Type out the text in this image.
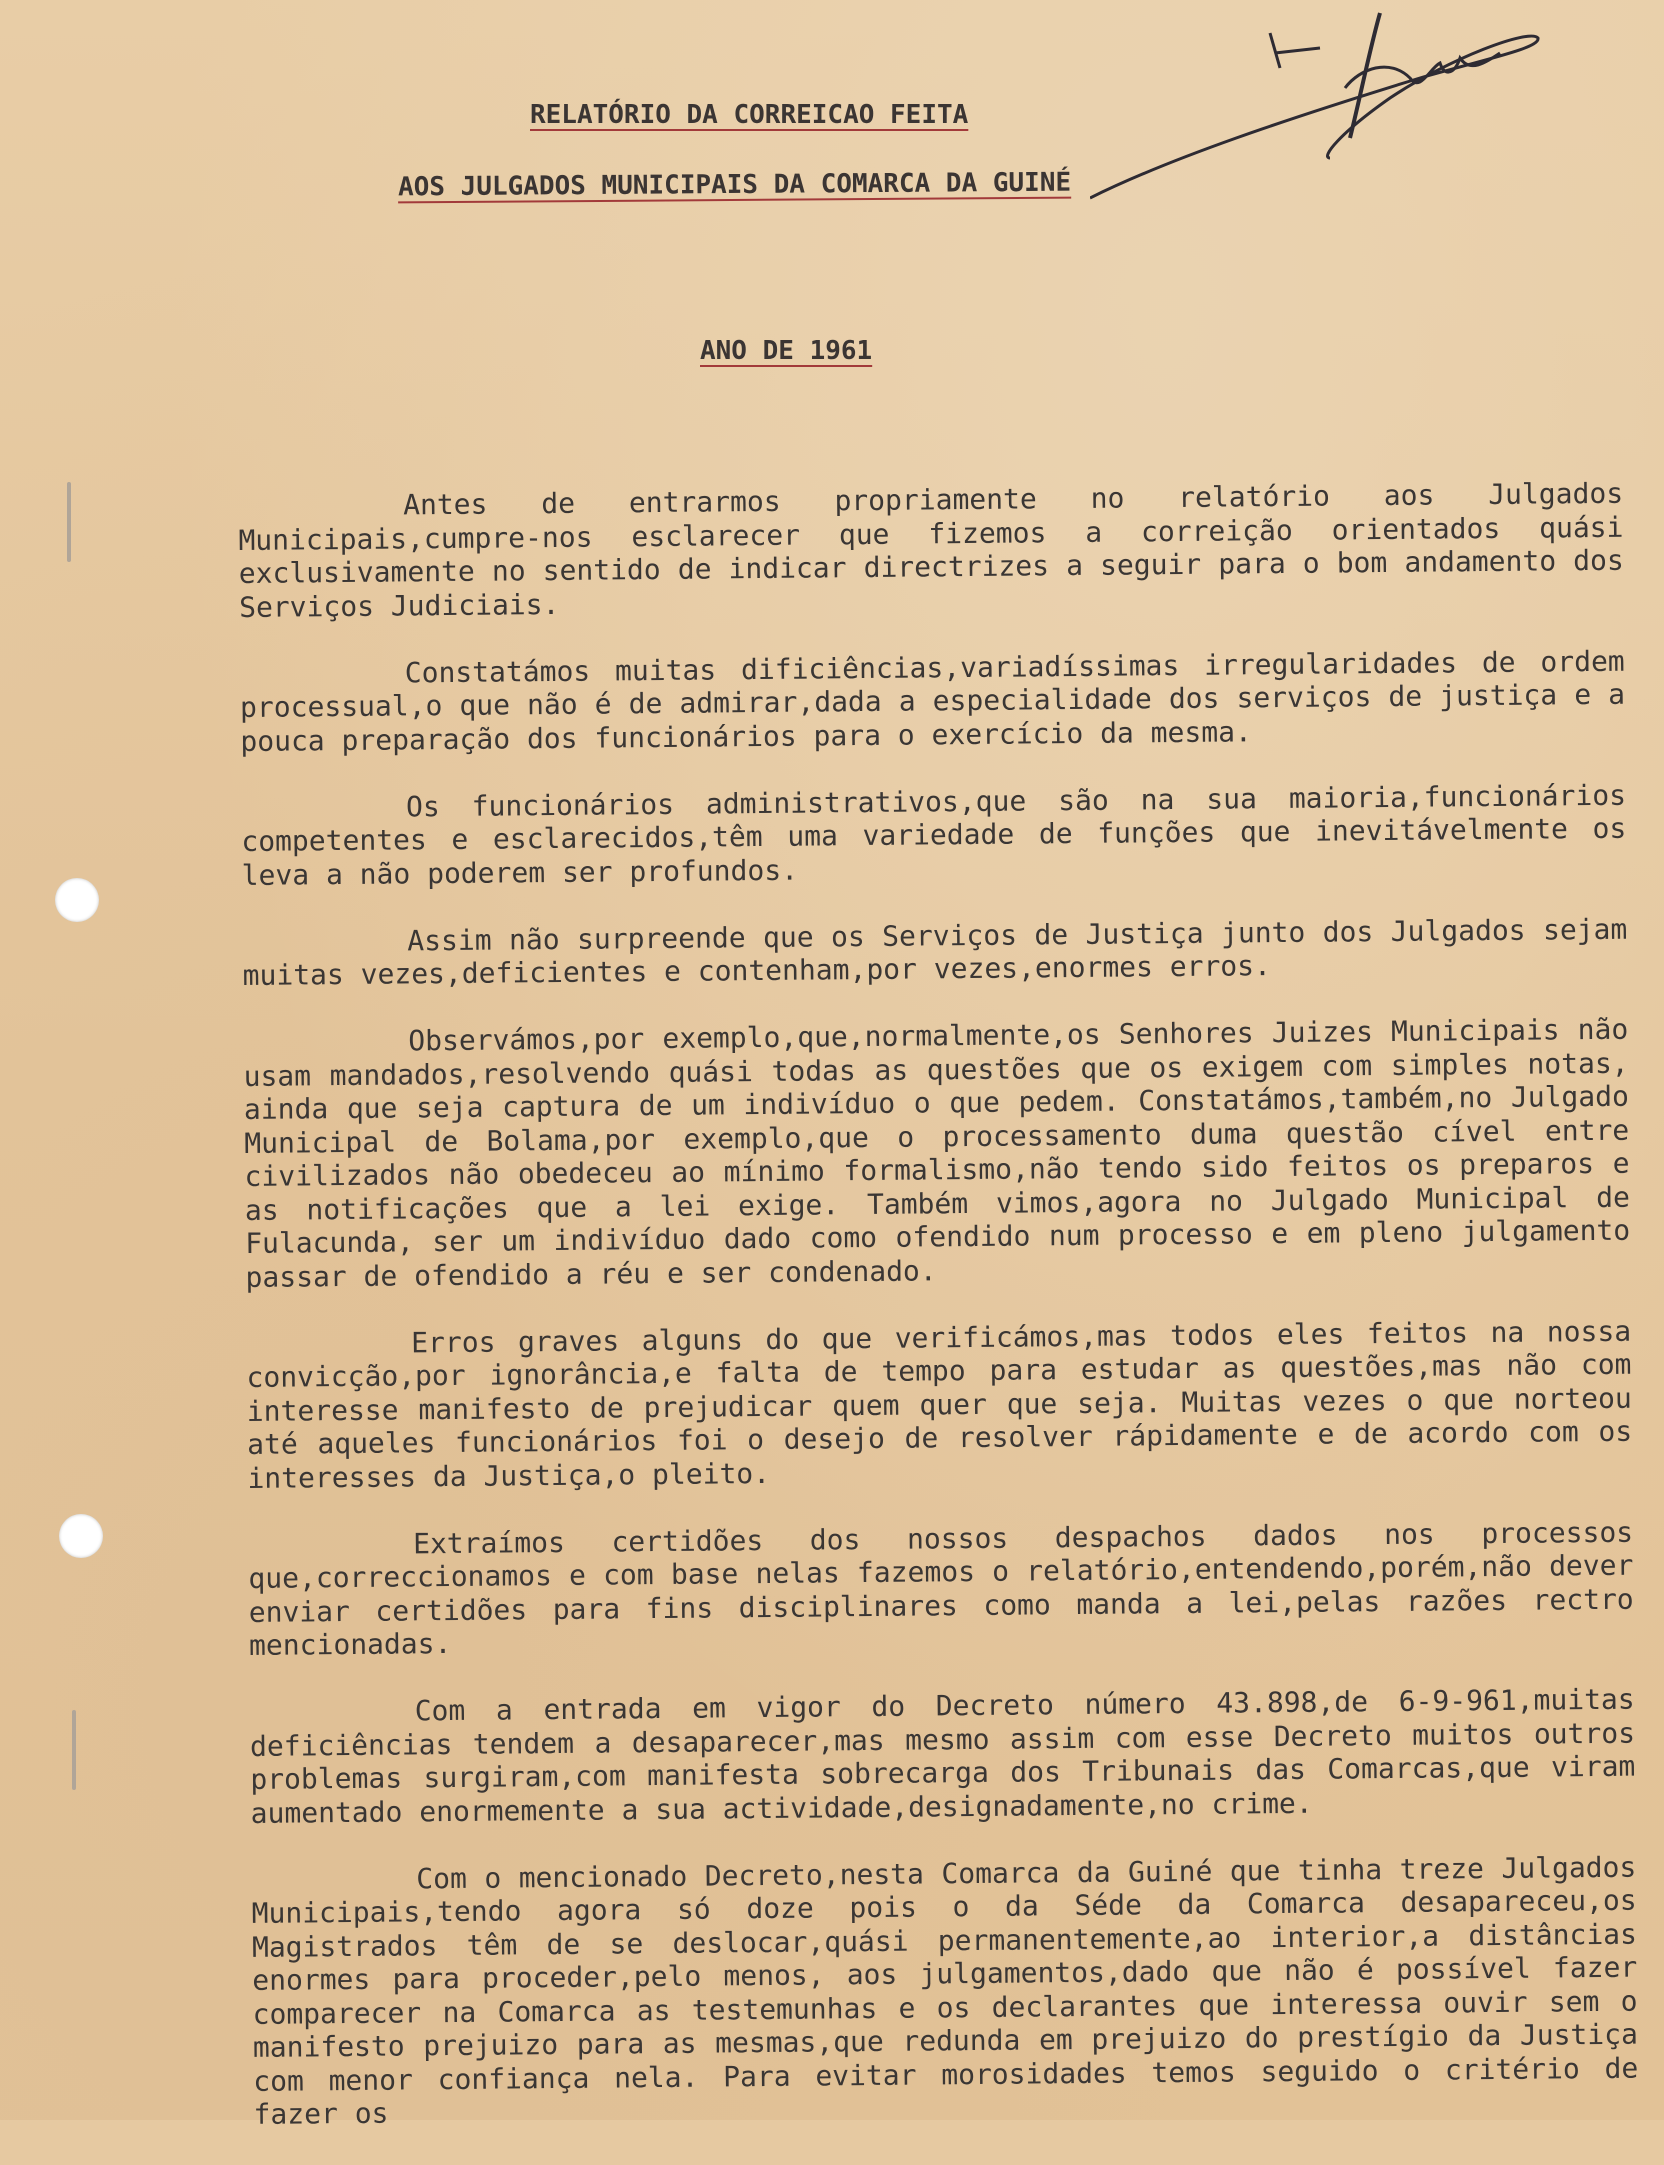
RELATÓRIO DA CORREICAO FEITA
AOS JULGADOS MUNICIPAIS DA COMARCA DA GUINÉ
ANO DE 1961

Antes de entrarmos propriamente no relatório aos Julgados Municipais,cumpre-nos esclarecer que fizemos a correição orientados quási exclusivamente no sentido de indicar directrizes a seguir para o bom andamento dos Serviços Judiciais.

Constatámos muitas dificiências,variadíssimas irregularidades de ordem processual,o que não é de admirar,dada a especialidade dos serviços de justiça e a pouca preparação dos funcionários para o exercício da mesma.

Os funcionários administrativos,que são na sua maioria,funcionários competentes e esclarecidos,têm uma variedade de funções que inevitávelmente os leva a não poderem ser profundos.

Assim não surpreende que os Serviços de Justiça junto dos Julgados sejam muitas vezes,deficientes e contenham,por vezes,enormes erros.

Observámos,por exemplo,que,normalmente,os Senhores Juizes Municipais não usam mandados,resolvendo quási todas as questões que os exigem com simples notas, ainda que seja captura de um indivíduo o que pedem. Constatámos,também,no Julgado Municipal de Bolama,por exemplo,que o processamento duma questão cível entre civilizados não obedeceu ao mínimo formalismo,não tendo sido feitos os preparos e as notificações que a lei exige. Também vimos,agora no Julgado Municipal de Fulacunda, ser um indivíduo dado como ofendido num processo e em pleno julgamento passar de ofendido a réu e ser condenado.

Erros graves alguns do que verificámos,mas todos eles feitos na nossa convicção,por ignorância,e falta de tempo para estudar as questões,mas não com interesse manifesto de prejudicar quem quer que seja. Muitas vezes o que norteou até aqueles funcionários foi o desejo de resolver rápidamente e de acordo com os interesses da Justiça,o pleito.

Extraímos certidões dos nossos despachos dados nos processos que,correccionamos e com base nelas fazemos o relatório,entendendo,porém,não dever enviar certidões para fins disciplinares como manda a lei,pelas razões rectro mencionadas.

Com a entrada em vigor do Decreto número 43.898,de 6-9-961,muitas deficiências tendem a desaparecer,mas mesmo assim com esse Decreto muitos outros problemas surgiram,com manifesta sobrecarga dos Tribunais das Comarcas,que viram aumentado enormemente a sua actividade,designadamente,no crime.

Com o mencionado Decreto,nesta Comarca da Guiné que tinha treze Julgados Municipais,tendo agora só doze pois o da Séde da Comarca desapareceu,os Magistrados têm de se deslocar,quási permanentemente,ao interior,a distâncias enormes para proceder,pelo menos, aos julgamentos,dado que não é possível fazer comparecer na Comarca as testemunhas e os declarantes que interessa ouvir sem o manifesto prejuizo para as mesmas,que redunda em prejuizo do prestígio da Justiça com menor confiança nela. Para evitar morosidades temos seguido o critério de fazer os
